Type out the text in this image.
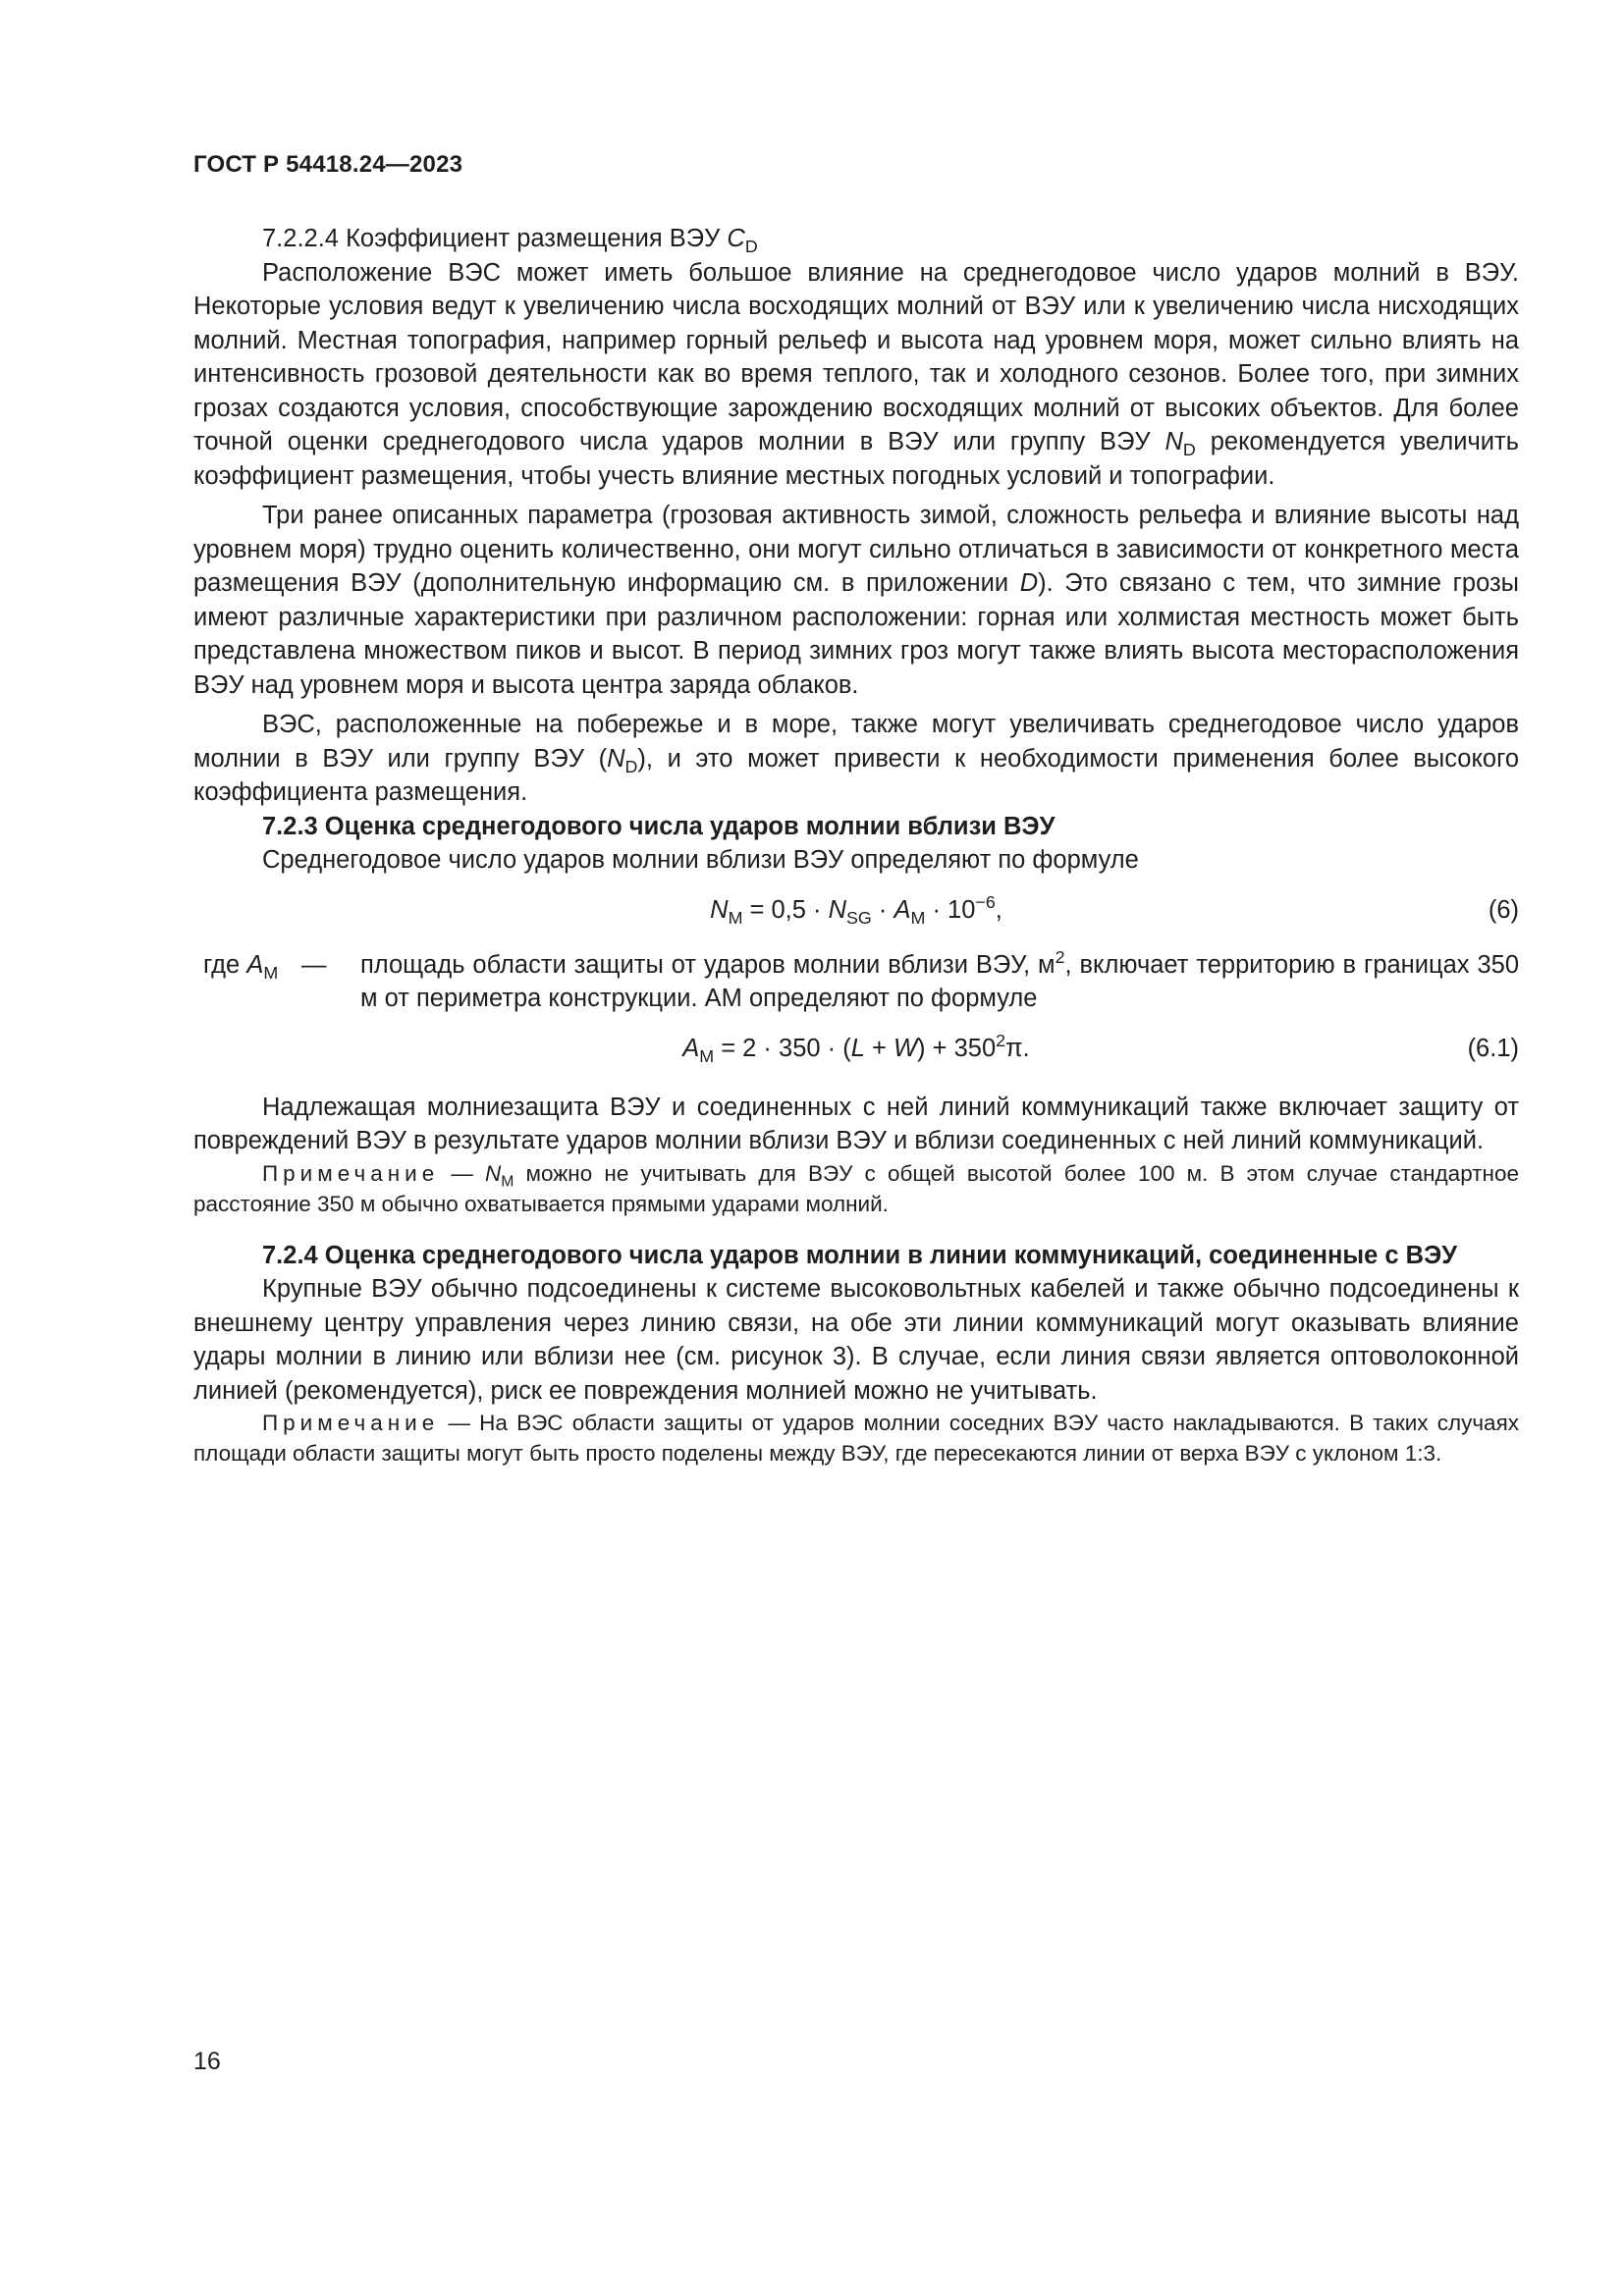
ГОСТ Р 54418.24—2023

7.2.2.4 Коэффициент размещения ВЭУ $C_D$

Расположение ВЭС может иметь большое влияние на среднегодовое число ударов молний в ВЭУ. Некоторые условия ведут к увеличению числа восходящих молний от ВЭУ или к увеличению числа нисходящих молний. Местная топография, например горный рельеф и высота над уровнем моря, может сильно влиять на интенсивность грозовой деятельности как во время теплого, так и холодного сезонов. Более того, при зимних грозах создаются условия, способствующие зарождению восходящих молний от высоких объектов. Для более точной оценки среднегодового числа ударов молнии в ВЭУ или группу ВЭУ $N_D$ рекомендуется увеличить коэффициент размещения, чтобы учесть влияние местных погодных условий и топографии.

Три ранее описанных параметра (грозовая активность зимой, сложность рельефа и влияние высоты над уровнем моря) трудно оценить количественно, они могут сильно отличаться в зависимости от конкретного места размещения ВЭУ (дополнительную информацию см. в приложении D). Это связано с тем, что зимние грозы имеют различные характеристики при различном расположении: горная или холмистая местность может быть представлена множеством пиков и высот. В период зимних гроз могут также влиять высота месторасположения ВЭУ над уровнем моря и высота центра заряда облаков.

ВЭС, расположенные на побережье и в море, также могут увеличивать среднегодовое число ударов молнии в ВЭУ или группу ВЭУ $(N_D)$, и это может привести к необходимости применения более высокого коэффициента размещения.

7.2.3 Оценка среднегодового числа ударов молнии вблизи ВЭУ

Среднегодовое число ударов молнии вблизи ВЭУ определяют по формуле

$N_M = 0,5 \cdot N_{SG} \cdot A_M \cdot 10^{-6}$,	(6)
где $A_M$ —	площадь области защиты от ударов молнии вблизи ВЭУ, $м^2$, включает территорию в границах 350 м от периметра конструкции. AM определяют по формуле
$A_M = 2 \cdot 350 \cdot (L + W) + 350^2\pi$.	(6.1)

Надлежащая молниезащита ВЭУ и соединенных с ней линий коммуникаций также включает защиту от повреждений ВЭУ в результате ударов молнии вблизи ВЭУ и вблизи соединенных с ней линий коммуникаций.

Примечание — $N_M$ можно не учитывать для ВЭУ с общей высотой более 100 м. В этом случае стандартное расстояние 350 м обычно охватывается прямыми ударами молний.

7.2.4 Оценка среднегодового числа ударов молнии в линии коммуникаций, соединенные с ВЭУ

Крупные ВЭУ обычно подсоединены к системе высоковольтных кабелей и также обычно подсоединены к внешнему центру управления через линию связи, на обе эти линии коммуникаций могут оказывать влияние удары молнии в линию или вблизи нее (см. рисунок 3). В случае, если линия связи является оптоволоконной линией (рекомендуется), риск ее повреждения молнией можно не учитывать.

Примечание — На ВЭС области защиты от ударов молнии соседних ВЭУ часто накладываются. В таких случаях площади области защиты могут быть просто поделены между ВЭУ, где пересекаются линии от верха ВЭУ с уклоном 1:3.

16
